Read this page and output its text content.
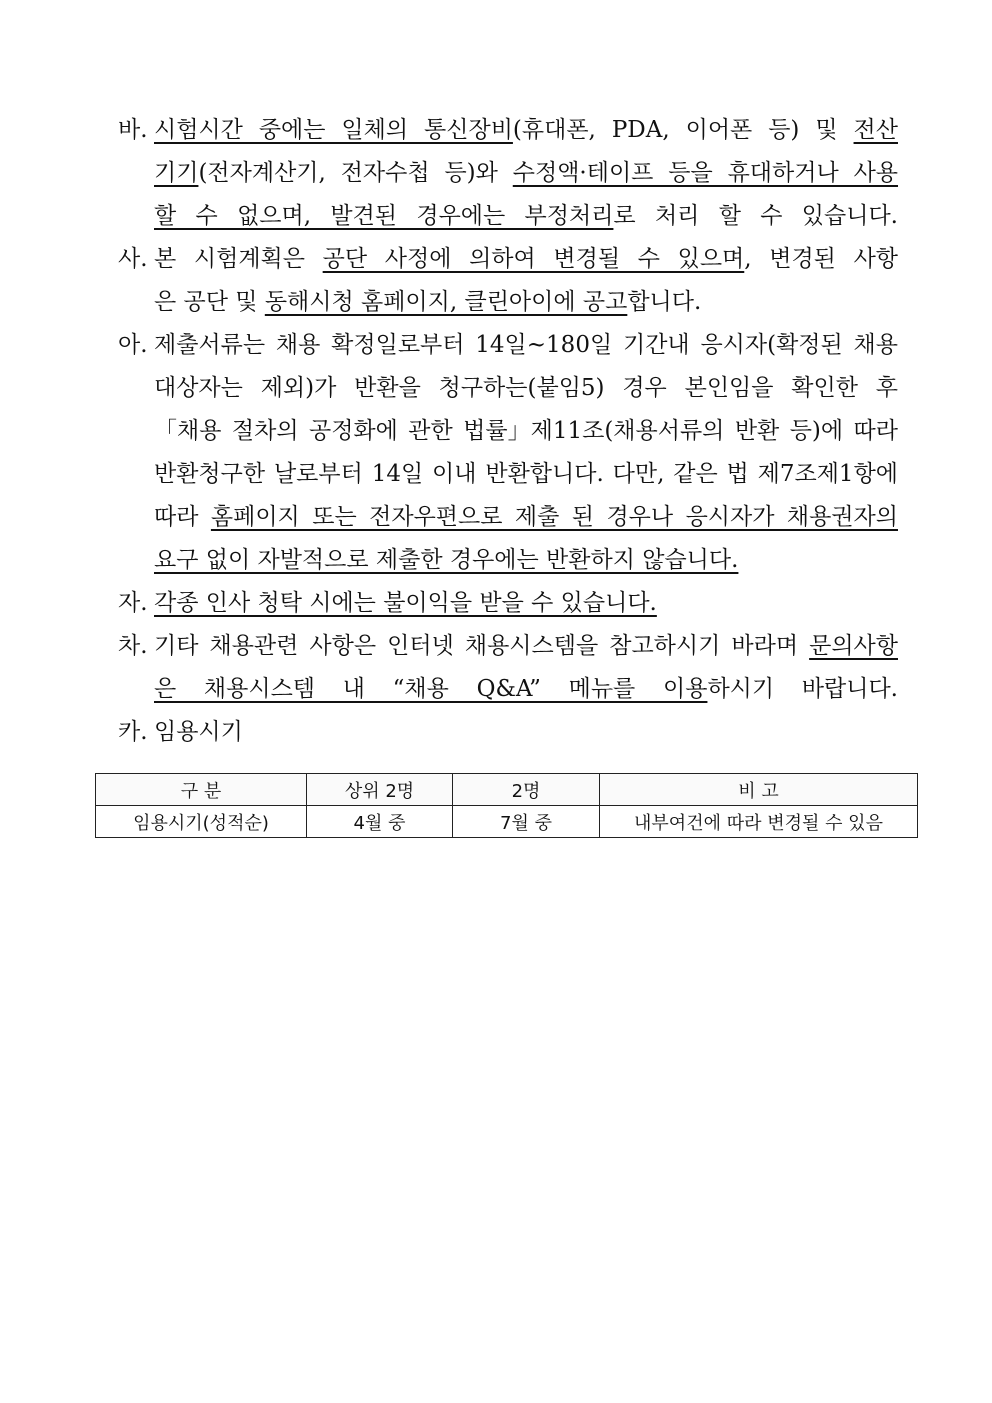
바. 시험시간 중에는 일체의 통신장비(휴대폰, PDA, 이어폰 등) 및 전산
기기(전자계산기, 전자수첩 등)와 수정액·테이프 등을 휴대하거나 사용
할 수 없으며, 발견된 경우에는 부정처리로 처리 할 수 있습니다.
사. 본 시험계획은 공단 사정에 의하여 변경될 수 있으며, 변경된 사항
은 공단 및 동해시청 홈페이지, 클린아이에 공고합니다.
아. 제출서류는 채용 확정일로부터 14일~180일 기간내 응시자(확정된 채용
대상자는 제외)가 반환을 청구하는(붙임5) 경우 본인임을 확인한 후
「채용 절차의 공정화에 관한 법률」제11조(채용서류의 반환 등)에 따라
반환청구한 날로부터 14일 이내 반환합니다. 다만, 같은 법 제7조제1항에
따라 홈페이지 또는 전자우편으로 제출 된 경우나 응시자가 채용권자의
요구 없이 자발적으로 제출한 경우에는 반환하지 않습니다.
자. 각종 인사 청탁 시에는 불이익을 받을 수 있습니다.
차. 기타 채용관련 사항은 인터넷 채용시스템을 참고하시기 바라며 문의사항
은 채용시스템 내 “채용 Q&A” 메뉴를 이용하시기 바랍니다.
카. 임용시기
구 분	상위 2명	2명	비 고
임용시기(성적순)	4월 중	7월 중	내부여건에 따라 변경될 수 있음
